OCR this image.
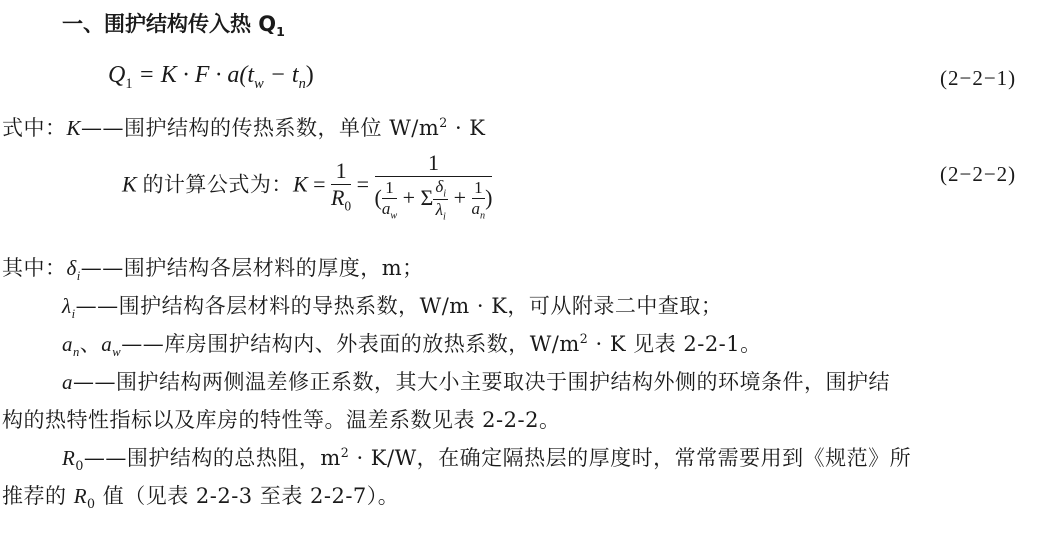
一、围护结构传入热 $Q_1$
$Q_1 = K \cdot F \cdot a(t_w - t_n)$	(2−2−1)
式中：K——围护结构的传热系数，单位 $W/m^2 \cdot K$
K 的计算公式为：$K = \frac{1}{R_0} = \frac{1}{( \frac{1}{a_w} + \Sigma \frac{\delta_i}{\lambda_i} + \frac{1}{a_n} )}$	(2−2−2)
其中：$\delta_i——$围护结构各层材料的厚度，m；
$\lambda_i——$围护结构各层材料的导热系数，W/m · K，可从附录二中查取；
$a_n$、$a_w——$库房围护结构内、外表面的放热系数，$W/m^2 \cdot K$ 见表 2-2-1。
a——围护结构两侧温差修正系数，其大小主要取决于围护结构外侧的环境条件，围护结
构的热特性指标以及库房的特性等。温差系数见表 2-2-2。
$R_0——$围护结构的总热阻，$m^2 \cdot K/W$，在确定隔热层的厚度时，常常需要用到《规范》所
推荐的 $R_0$ 值（见表 2-2-3 至表 2-2-7）。
